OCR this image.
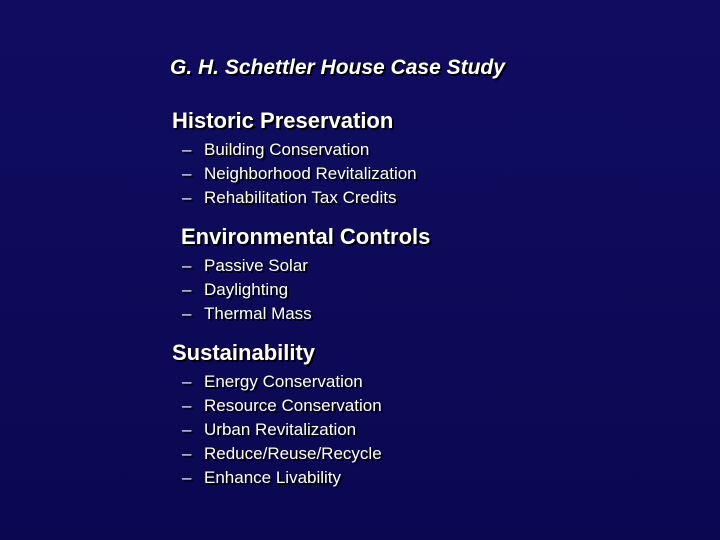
G. H. Schettler House Case Study
Historic Preservation
– Building Conservation
– Neighborhood Revitalization
– Rehabilitation Tax Credits
Environmental Controls
– Passive Solar
– Daylighting
– Thermal Mass
Sustainability
– Energy Conservation
– Resource Conservation
– Urban Revitalization
– Reduce/Reuse/Recycle
– Enhance Livability
